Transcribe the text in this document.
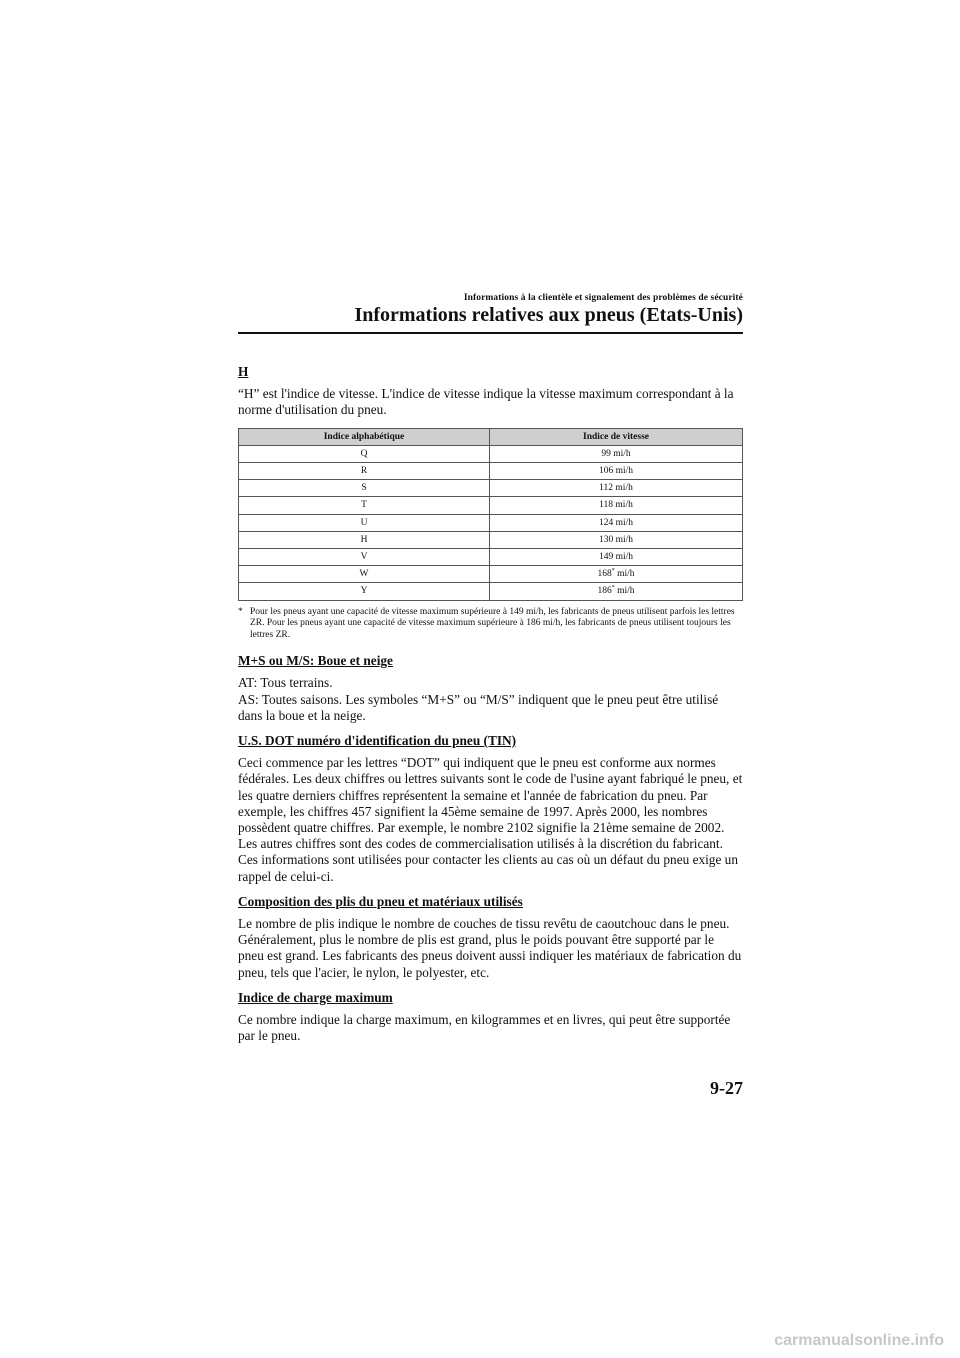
Informations à la clientèle et signalement des problèmes de sécurité
Informations relatives aux pneus (Etats-Unis)
H

“H” est l'indice de vitesse. L'indice de vitesse indique la vitesse maximum correspondant à la norme d'utilisation du pneu.

Indice alphabétique	Indice de vitesse
Q	99 mi/h
R	106 mi/h
S	112 mi/h
T	118 mi/h
U	124 mi/h
H	130 mi/h
V	149 mi/h
W	168* mi/h
Y	186* mi/h
* Pour les pneus ayant une capacité de vitesse maximum supérieure à 149 mi/h, les fabricants de pneus utilisent parfois les lettres ZR. Pour les pneus ayant une capacité de vitesse maximum supérieure à 186 mi/h, les fabricants de pneus utilisent toujours les lettres ZR.
M+S ou M/S: Boue et neige

AT: Tous terrains.
AS: Toutes saisons. Les symboles “M+S” ou “M/S” indiquent que le pneu peut être utilisé dans la boue et la neige.

U.S. DOT numéro d'identification du pneu (TIN)

Ceci commence par les lettres “DOT” qui indiquent que le pneu est conforme aux normes fédérales. Les deux chiffres ou lettres suivants sont le code de l'usine ayant fabriqué le pneu, et les quatre derniers chiffres représentent la semaine et l'année de fabrication du pneu. Par exemple, les chiffres 457 signifient la 45ème semaine de 1997. Après 2000, les nombres possèdent quatre chiffres. Par exemple, le nombre 2102 signifie la 21ème semaine de 2002. Les autres chiffres sont des codes de commercialisation utilisés à la discrétion du fabricant. Ces informations sont utilisées pour contacter les clients au cas où un défaut du pneu exige un rappel de celui-ci.

Composition des plis du pneu et matériaux utilisés

Le nombre de plis indique le nombre de couches de tissu revêtu de caoutchouc dans le pneu. Généralement, plus le nombre de plis est grand, plus le poids pouvant être supporté par le pneu est grand. Les fabricants des pneus doivent aussi indiquer les matériaux de fabrication du pneu, tels que l'acier, le nylon, le polyester, etc.

Indice de charge maximum

Ce nombre indique la charge maximum, en kilogrammes et en livres, qui peut être supportée par le pneu.

9-27
carmanualsonline.info
